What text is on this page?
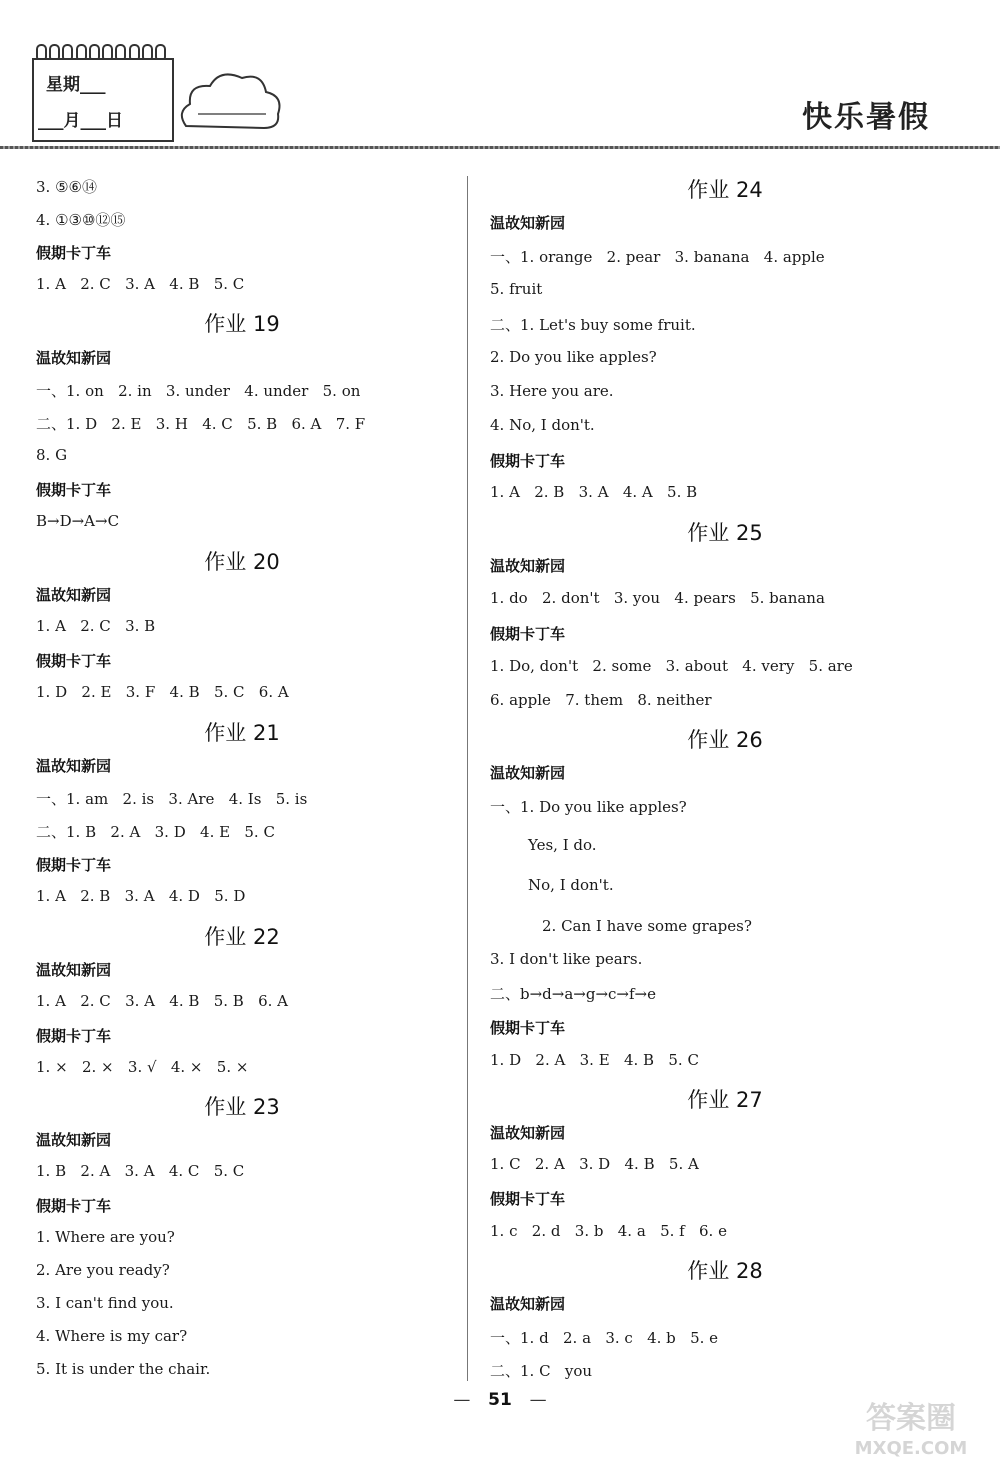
星期___
___月___日	快乐暑假
3. ⑤⑥⑭
4. ①③⑩⑫⑮
假期卡丁车
1. A   2. C   3. A   4. B   5. C
作业 19
温故知新园
一、1. on   2. in   3. under   4. under   5. on
二、1. D   2. E   3. H   4. C   5. B   6. A   7. F
8. G
假期卡丁车
B→D→A→C
作业 20
温故知新园
1. A   2. C   3. B
假期卡丁车
1. D   2. E   3. F   4. B   5. C   6. A
作业 21
温故知新园
一、1. am   2. is   3. Are   4. Is   5. is
二、1. B   2. A   3. D   4. E   5. C
假期卡丁车
1. A   2. B   3. A   4. D   5. D
作业 22
温故知新园
1. A   2. C   3. A   4. B   5. B   6. A
假期卡丁车
1. ×   2. ×   3. √   4. ×   5. ×
作业 23
温故知新园
1. B   2. A   3. A   4. C   5. C
假期卡丁车
1. Where are you?
2. Are you ready?
3. I can't find you.
4. Where is my car?
5. It is under the chair.
作业 24
温故知新园
一、1. orange   2. pear   3. banana   4. apple
5. fruit
二、1. Let's buy some fruit.
2. Do you like apples?
3. Here you are.
4. No, I don't.
假期卡丁车
1. A   2. B   3. A   4. A   5. B
作业 25
温故知新园
1. do   2. don't   3. you   4. pears   5. banana
假期卡丁车
1. Do, don't   2. some   3. about   4. very   5. are
6. apple   7. them   8. neither
作业 26
温故知新园
一、1. Do you like apples?
Yes, I do.
No, I don't.
2. Can I have some grapes?
3. I don't like pears.
二、b→d→a→g→c→f→e
假期卡丁车
1. D   2. A   3. E   4. B   5. C
作业 27
温故知新园
1. C   2. A   3. D   4. B   5. A
假期卡丁车
1. c   2. d   3. b   4. a   5. f   6. e
作业 28
温故知新园
一、1. d   2. a   3. c   4. b   5. e
二、1. C   you
— 51 —
答案圈
MXQE.COM
